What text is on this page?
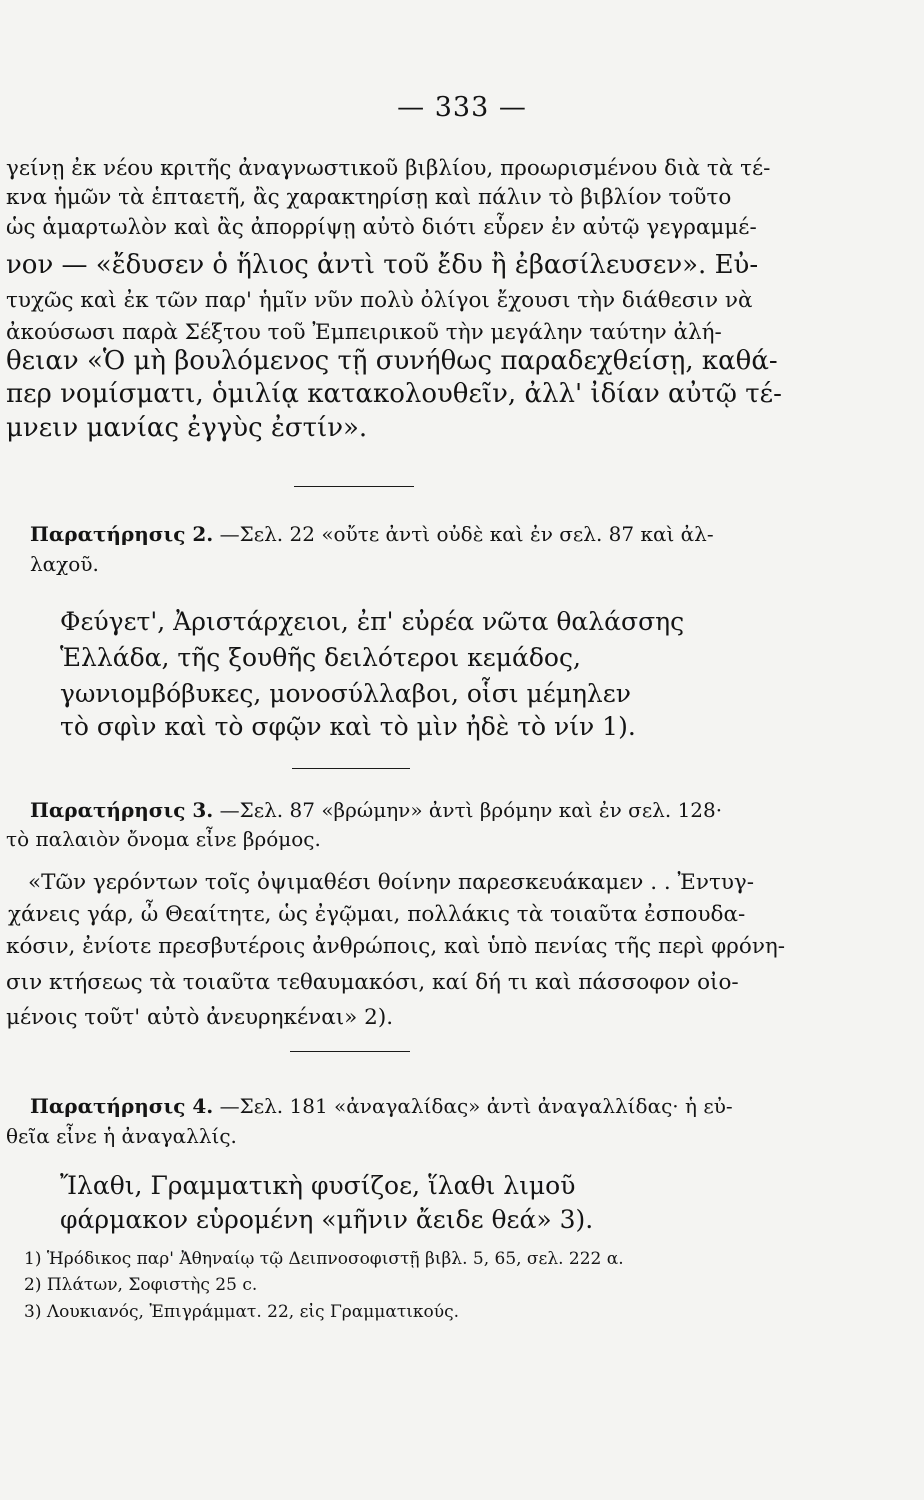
— 333 —
γείνῃ ἐκ νέου κριτῆς ἀναγνωστικοῦ βιβλίου, προωρισμένου διὰ τὰ τέ-
κνα ἡμῶν τὰ ἑπταετῆ, ἂς χαρακτηρίσῃ καὶ πάλιν τὸ βιβλίον τοῦτο
ὡς ἁμαρτωλὸν καὶ ἂς ἀπορρίψῃ αὐτὸ διότι εὗρεν ἐν αὐτῷ γεγραμμέ-
νον — «ἔδυσεν ὁ ἥλιος ἀντὶ τοῦ ἔδυ ἢ ἐβασίλευσεν». Εὐ-
τυχῶς καὶ ἐκ τῶν παρ' ἡμῖν νῦν πολὺ ὀλίγοι ἔχουσι τὴν διάθεσιν νὰ
ἀκούσωσι παρὰ Σέξτου τοῦ Ἐμπειρικοῦ τὴν μεγάλην ταύτην ἀλή-
θειαν «Ὁ μὴ βουλόμενος τῇ συνήθως παραδεχθείσῃ, καθά-
περ νομίσματι, ὁμιλίᾳ κατακολουθεῖν, ἀλλ' ἰδίαν αὐτῷ τέ-
μνειν μανίας ἐγγὺς ἐστίν».
Παρατήρησις 2. —Σελ. 22 «οὔτε ἀντὶ οὐδὲ καὶ ἐν σελ. 87 καὶ ἀλ-
λαχοῦ.
Φεύγετ', Ἀριστάρχειοι, ἐπ' εὐρέα νῶτα θαλάσσης
Ἑλλάδα, τῆς ξουθῆς δειλότεροι κεμάδος,
γωνιομβόβυκες, μονοσύλλαβοι, οἷσι μέμηλεν
τὸ σφὶν καὶ τὸ σφῷν καὶ τὸ μὶν ἠδὲ τὸ νίν 1).
Παρατήρησις 3. —Σελ. 87 «βρώμην» ἀντὶ βρόμην καὶ ἐν σελ. 128·
τὸ παλαιὸν ὄνομα εἶνε βρόμος.
«Τῶν γερόντων τοῖς ὀψιμαθέσι θοίνην παρεσκευάκαμεν . . Ἐντυγ-
χάνεις γάρ, ὦ Θεαίτητε, ὡς ἐγῷμαι, πολλάκις τὰ τοιαῦτα ἐσπουδα-
κόσιν, ἐνίοτε πρεσβυτέροις ἀνθρώποις, καὶ ὑπὸ πενίας τῆς περὶ φρόνη-
σιν κτήσεως τὰ τοιαῦτα τεθαυμακόσι, καί δή τι καὶ πάσσοφον οἰο-
μένοις τοῦτ' αὐτὸ ἀνευρηκέναι» 2).
Παρατήρησις 4. —Σελ. 181 «ἀναγαλίδας» ἀντὶ ἀναγαλλίδας· ἡ εὐ-
θεῖα εἶνε ἡ ἀναγαλλίς.
Ἴλαθι, Γραμματικὴ φυσίζοε, ἵλαθι λιμοῦ
φάρμακον εὑρομένη «μῆνιν ἄειδε θεά» 3).
1) Ἡρόδικος παρ' Ἀθηναίῳ τῷ Δειπνοσοφιστῇ βιβλ. 5, 65, σελ. 222 α.
2) Πλάτων, Σοφιστὴς 25 c.
3) Λουκιανός, Ἐπιγράμματ. 22, εἰς Γραμματικούς.
